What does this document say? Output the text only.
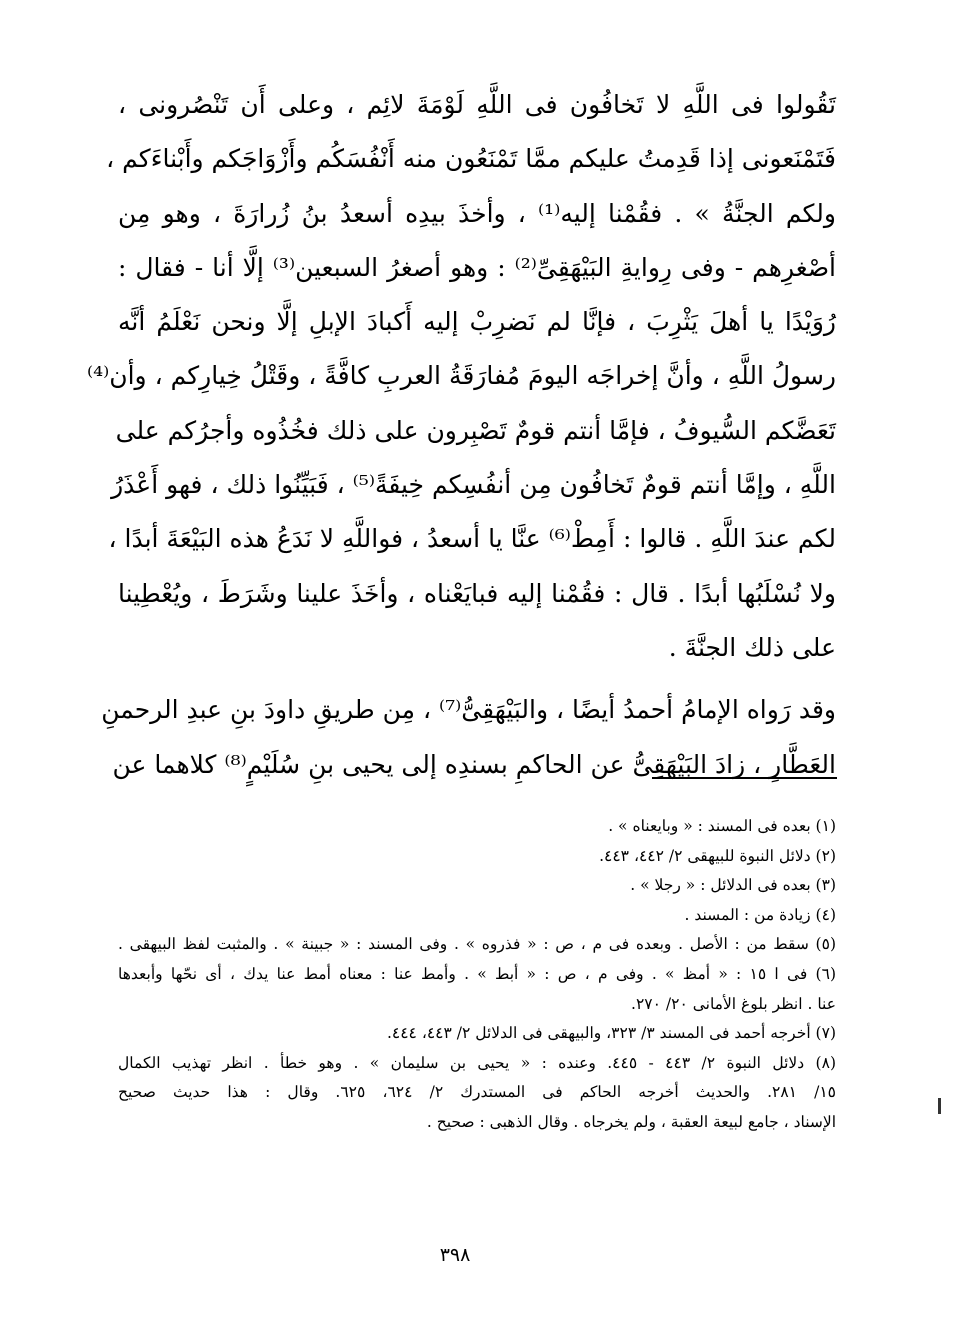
تَقُولوا فى اللَّهِ لا تَخافُون فى اللَّهِ لَوْمَةَ لائِم ، وعلى أَن تَنْصُرونى ،
فَتَمْنَعونى إذا قَدِمتُ عليكم ممَّا تَمْنَعُون منه أَنْفُسَكُم وأَزْوَاجَكم وأَبْناءَكم ،
ولكم الجنَّةُ » . فقُمْنا إليه⁽¹⁾ ، وأخذَ بيدِه أسعدُ بنُ زُرارَةَ ، وهو مِن
أصْغرِهم - وفى رِوايةِ البَيْهَقِىِّ⁽²⁾ : وهو أصغرُ السبعين⁽³⁾ إلَّا أنا - فقال :
رُوَيْدًا يا أهلَ يَثْرِبَ ، فإنَّا لم نَضرِبْ إليه أَكبادَ الإبلِ إلَّا ونحن نَعْلَمُ أنَّه
رسولُ اللَّهِ ، وأنَّ إخراجَه اليومَ مُفارَقَةُ العربِ كافَّةً ، وقَتْلُ خِيارِكم ، وأن⁽⁴⁾
تَعَضَّكم السُّيوفُ ، فإمَّا أنتم قومٌ تَصْبِرون على ذلك فخُذُوه وأجرُكم على
اللَّهِ ، وإمَّا أنتم قومٌ تَخافُون مِن أنفُسِكم خِيفَةً⁽⁵⁾ ، فَبَيِّنُوا ذلك ، فهو أَعْذَرُ
لكم عندَ اللَّهِ . قالوا : أَمِطْ⁽⁶⁾ عنَّا يا أسعدُ ، فواللَّهِ لا نَدَعُ هذه البَيْعَةَ أبدًا ،
ولا نُسْلَبُها أبدًا . قال : فقُمْنا إليه فبايَعْناه ، وأخَذَ علينا وشَرَطَ ، ويُعْطِينا
على ذلك الجنَّةَ .
وقد رَواه الإمامُ أحمدُ أيضًا ، والبَيْهَقِىُّ⁽⁷⁾ ، مِن طريقِ داودَ بنِ عبدِ الرحمنِ
العَطَّارِ ، زادَ البَيْهَقِىُّ عن الحاكمِ بسندِه إلى يحيى بنِ سُلَيْمٍ⁽⁸⁾ كلاهما عن
(١) بعده فى المسند : « وبايعناه » .
(٢) دلائل النبوة للبيهقى ٢/ ٤٤٢، ٤٤٣.
(٣) بعده فى الدلائل : « رجلا » .
(٤) زيادة من : المسند .
(٥) سقط من : الأصل . وبعده فى م ، ص : « فذروه » . وفى المسند : « جبينة » . والمثبت لفظ البيهقى .
(٦) فى ا ١٥ : « أمظ » . وفى م ، ص : « أبط » . وأمط عنا : معناه أمط عنا يدك ، أى نحّها وأبعدها
عنا . انظر بلوغ الأمانى ٢٠/ ٢٧٠.
(٧) أخرجه أحمد فى المسند ٣/ ٣٢٣، والبيهقى فى الدلائل ٢/ ٤٤٣، ٤٤٤.
(٨) دلائل النبوة ٢/ ٤٤٣ - ٤٤٥. وعنده : « يحيى بن سليمان » . وهو خطأ . انظر تهذيب الكمال
١٥/ ٢٨١. والحديث أخرجه الحاكم فى المستدرك ٢/ ٦٢٤، ٦٢٥. وقال : هذا حديث صحيح
الإسناد ، جامع لبيعة العقبة ، ولم يخرجاه . وقال الذهبى : صحيح .
٣٩٨
